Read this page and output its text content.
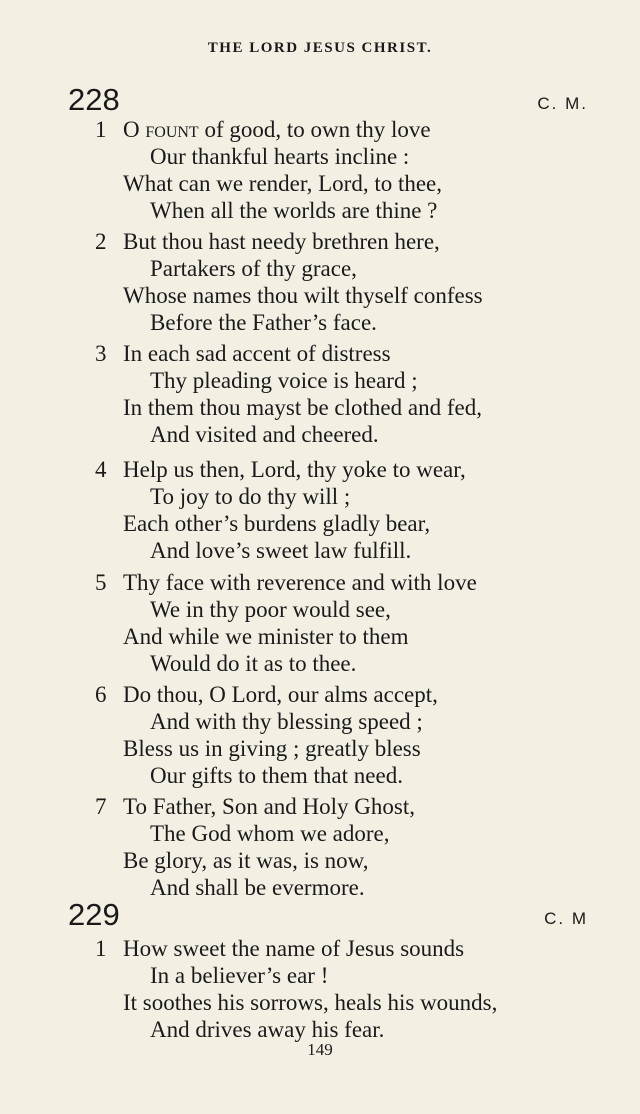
THE LORD JESUS CHRIST.
228	C. M.
1 O fount of good, to own thy love
Our thankful hearts incline :
What can we render, Lord, to thee,
When all the worlds are thine ?
2 But thou hast needy brethren here,
Partakers of thy grace,
Whose names thou wilt thyself confess
Before the Father’s face.
3 In each sad accent of distress
Thy pleading voice is heard ;
In them thou mayst be clothed and fed,
And visited and cheered.
4 Help us then, Lord, thy yoke to wear,
To joy to do thy will ;
Each other’s burdens gladly bear,
And love’s sweet law fulfill.
5 Thy face with reverence and with love
We in thy poor would see,
And while we minister to them
Would do it as to thee.
6 Do thou, O Lord, our alms accept,
And with thy blessing speed ;
Bless us in giving ; greatly bless
Our gifts to them that need.
7 To Father, Son and Holy Ghost,
The God whom we adore,
Be glory, as it was, is now,
And shall be evermore.
229	C. M
1 How sweet the name of Jesus sounds
In a believer’s ear !
It soothes his sorrows, heals his wounds,
And drives away his fear.
149
